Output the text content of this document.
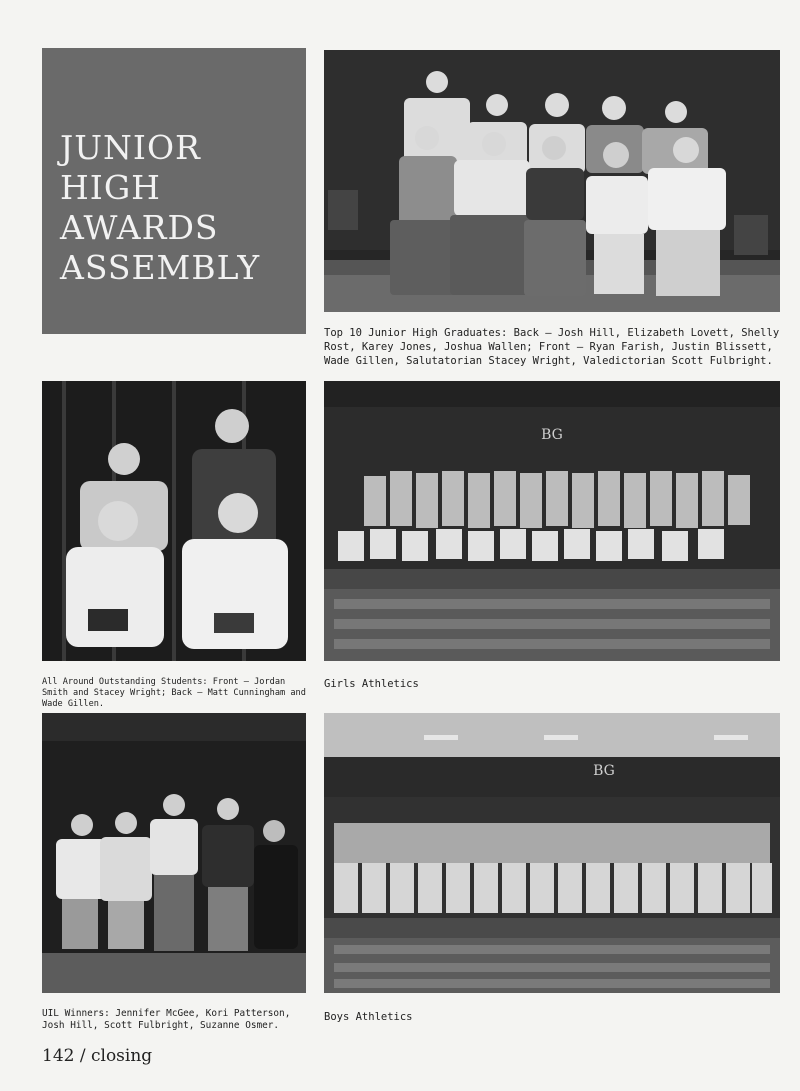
JUNIOR
HIGH
AWARDS
ASSEMBLY
Top 10 Junior High Graduates: Back — Josh Hill, Elizabeth Lovett, Shelly Rost, Karey Jones, Joshua Wallen; Front — Ryan Farish, Justin Blissett, Wade Gillen, Salutatorian Stacey Wright, Valedictorian Scott Fulbright.
All Around Outstanding Students: Front — Jordan Smith and Stacey Wright; Back — Matt Cunningham and Wade Gillen.
BG
Girls Athletics
UIL Winners: Jennifer McGee, Kori Patterson, Josh Hill, Scott Fulbright, Suzanne Osmer.
BG
Boys Athletics
142 / closing
